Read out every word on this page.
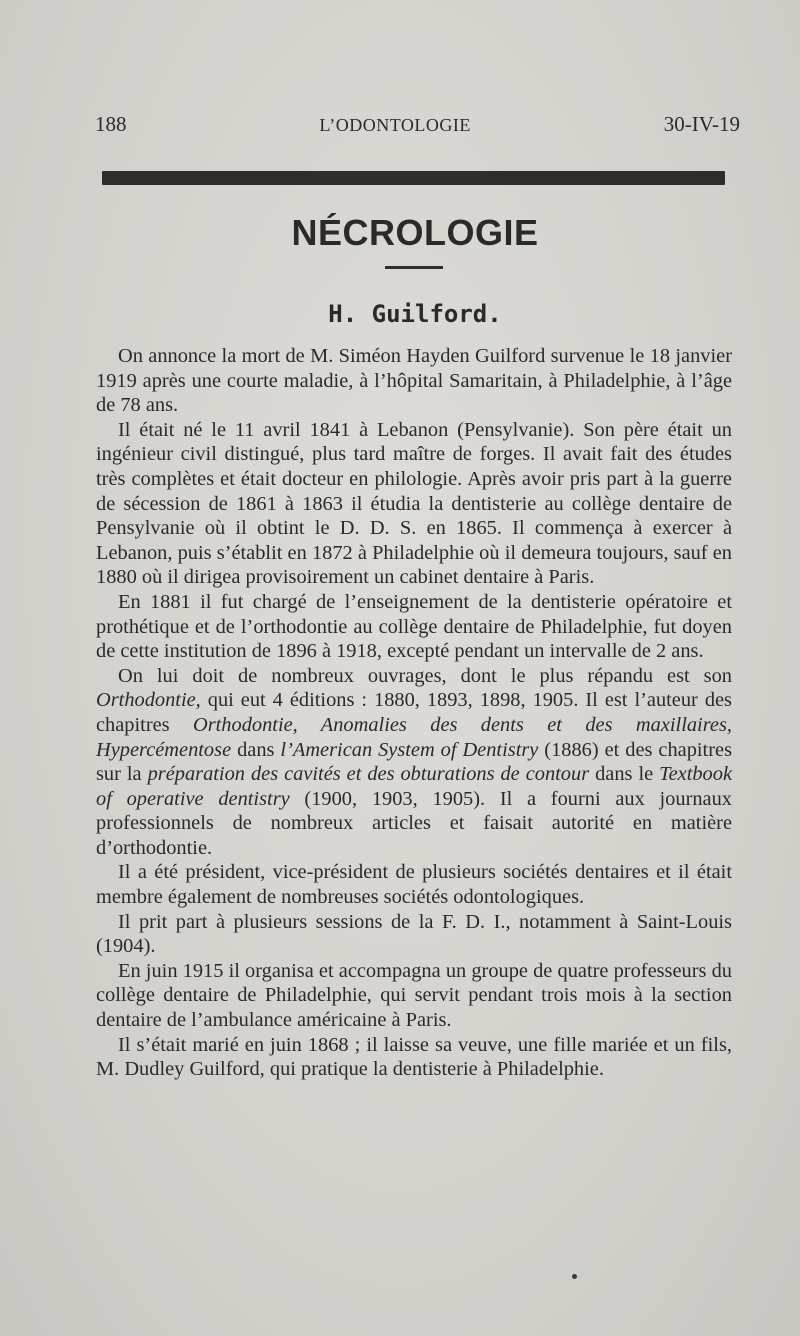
188	L’ODONTOLOGIE	30-IV-19
NÉCROLOGIE
H. Guilford.

On annonce la mort de M. Siméon Hayden Guilford survenue le 18 janvier 1919 après une courte maladie, à l’hôpital Samaritain, à Philadelphie, à l’âge de 78 ans.

Il était né le 11 avril 1841 à Lebanon (Pensylvanie). Son père était un ingénieur civil distingué, plus tard maître de forges. Il avait fait des études très complètes et était docteur en philologie. Après avoir pris part à la guerre de sécession de 1861 à 1863 il étudia la dentisterie au collège dentaire de Pensylvanie où il obtint le D. D. S. en 1865. Il commença à exercer à Lebanon, puis s’établit en 1872 à Philadelphie où il demeura toujours, sauf en 1880 où il dirigea provisoirement un cabinet dentaire à Paris.

En 1881 il fut chargé de l’enseignement de la dentisterie opératoire et prothétique et de l’orthodontie au collège dentaire de Philadelphie, fut doyen de cette institution de 1896 à 1918, excepté pendant un intervalle de 2 ans.

On lui doit de nombreux ouvrages, dont le plus répandu est son Orthodontie, qui eut 4 éditions : 1880, 1893, 1898, 1905. Il est l’auteur des chapitres Orthodontie, Anomalies des dents et des maxillaires, Hypercémentose dans l’American System of Dentistry (1886) et des chapitres sur la préparation des cavités et des obturations de contour dans le Textbook of operative dentistry (1900, 1903, 1905). Il a fourni aux journaux professionnels de nombreux articles et faisait autorité en matière d’orthodontie.

Il a été président, vice-président de plusieurs sociétés dentaires et il était membre également de nombreuses sociétés odontologiques.

Il prit part à plusieurs sessions de la F. D. I., notamment à Saint-Louis (1904).

En juin 1915 il organisa et accompagna un groupe de quatre professeurs du collège dentaire de Philadelphie, qui servit pendant trois mois à la section dentaire de l’ambulance américaine à Paris.

Il s’était marié en juin 1868 ; il laisse sa veuve, une fille mariée et un fils, M. Dudley Guilford, qui pratique la dentisterie à Philadelphie.
